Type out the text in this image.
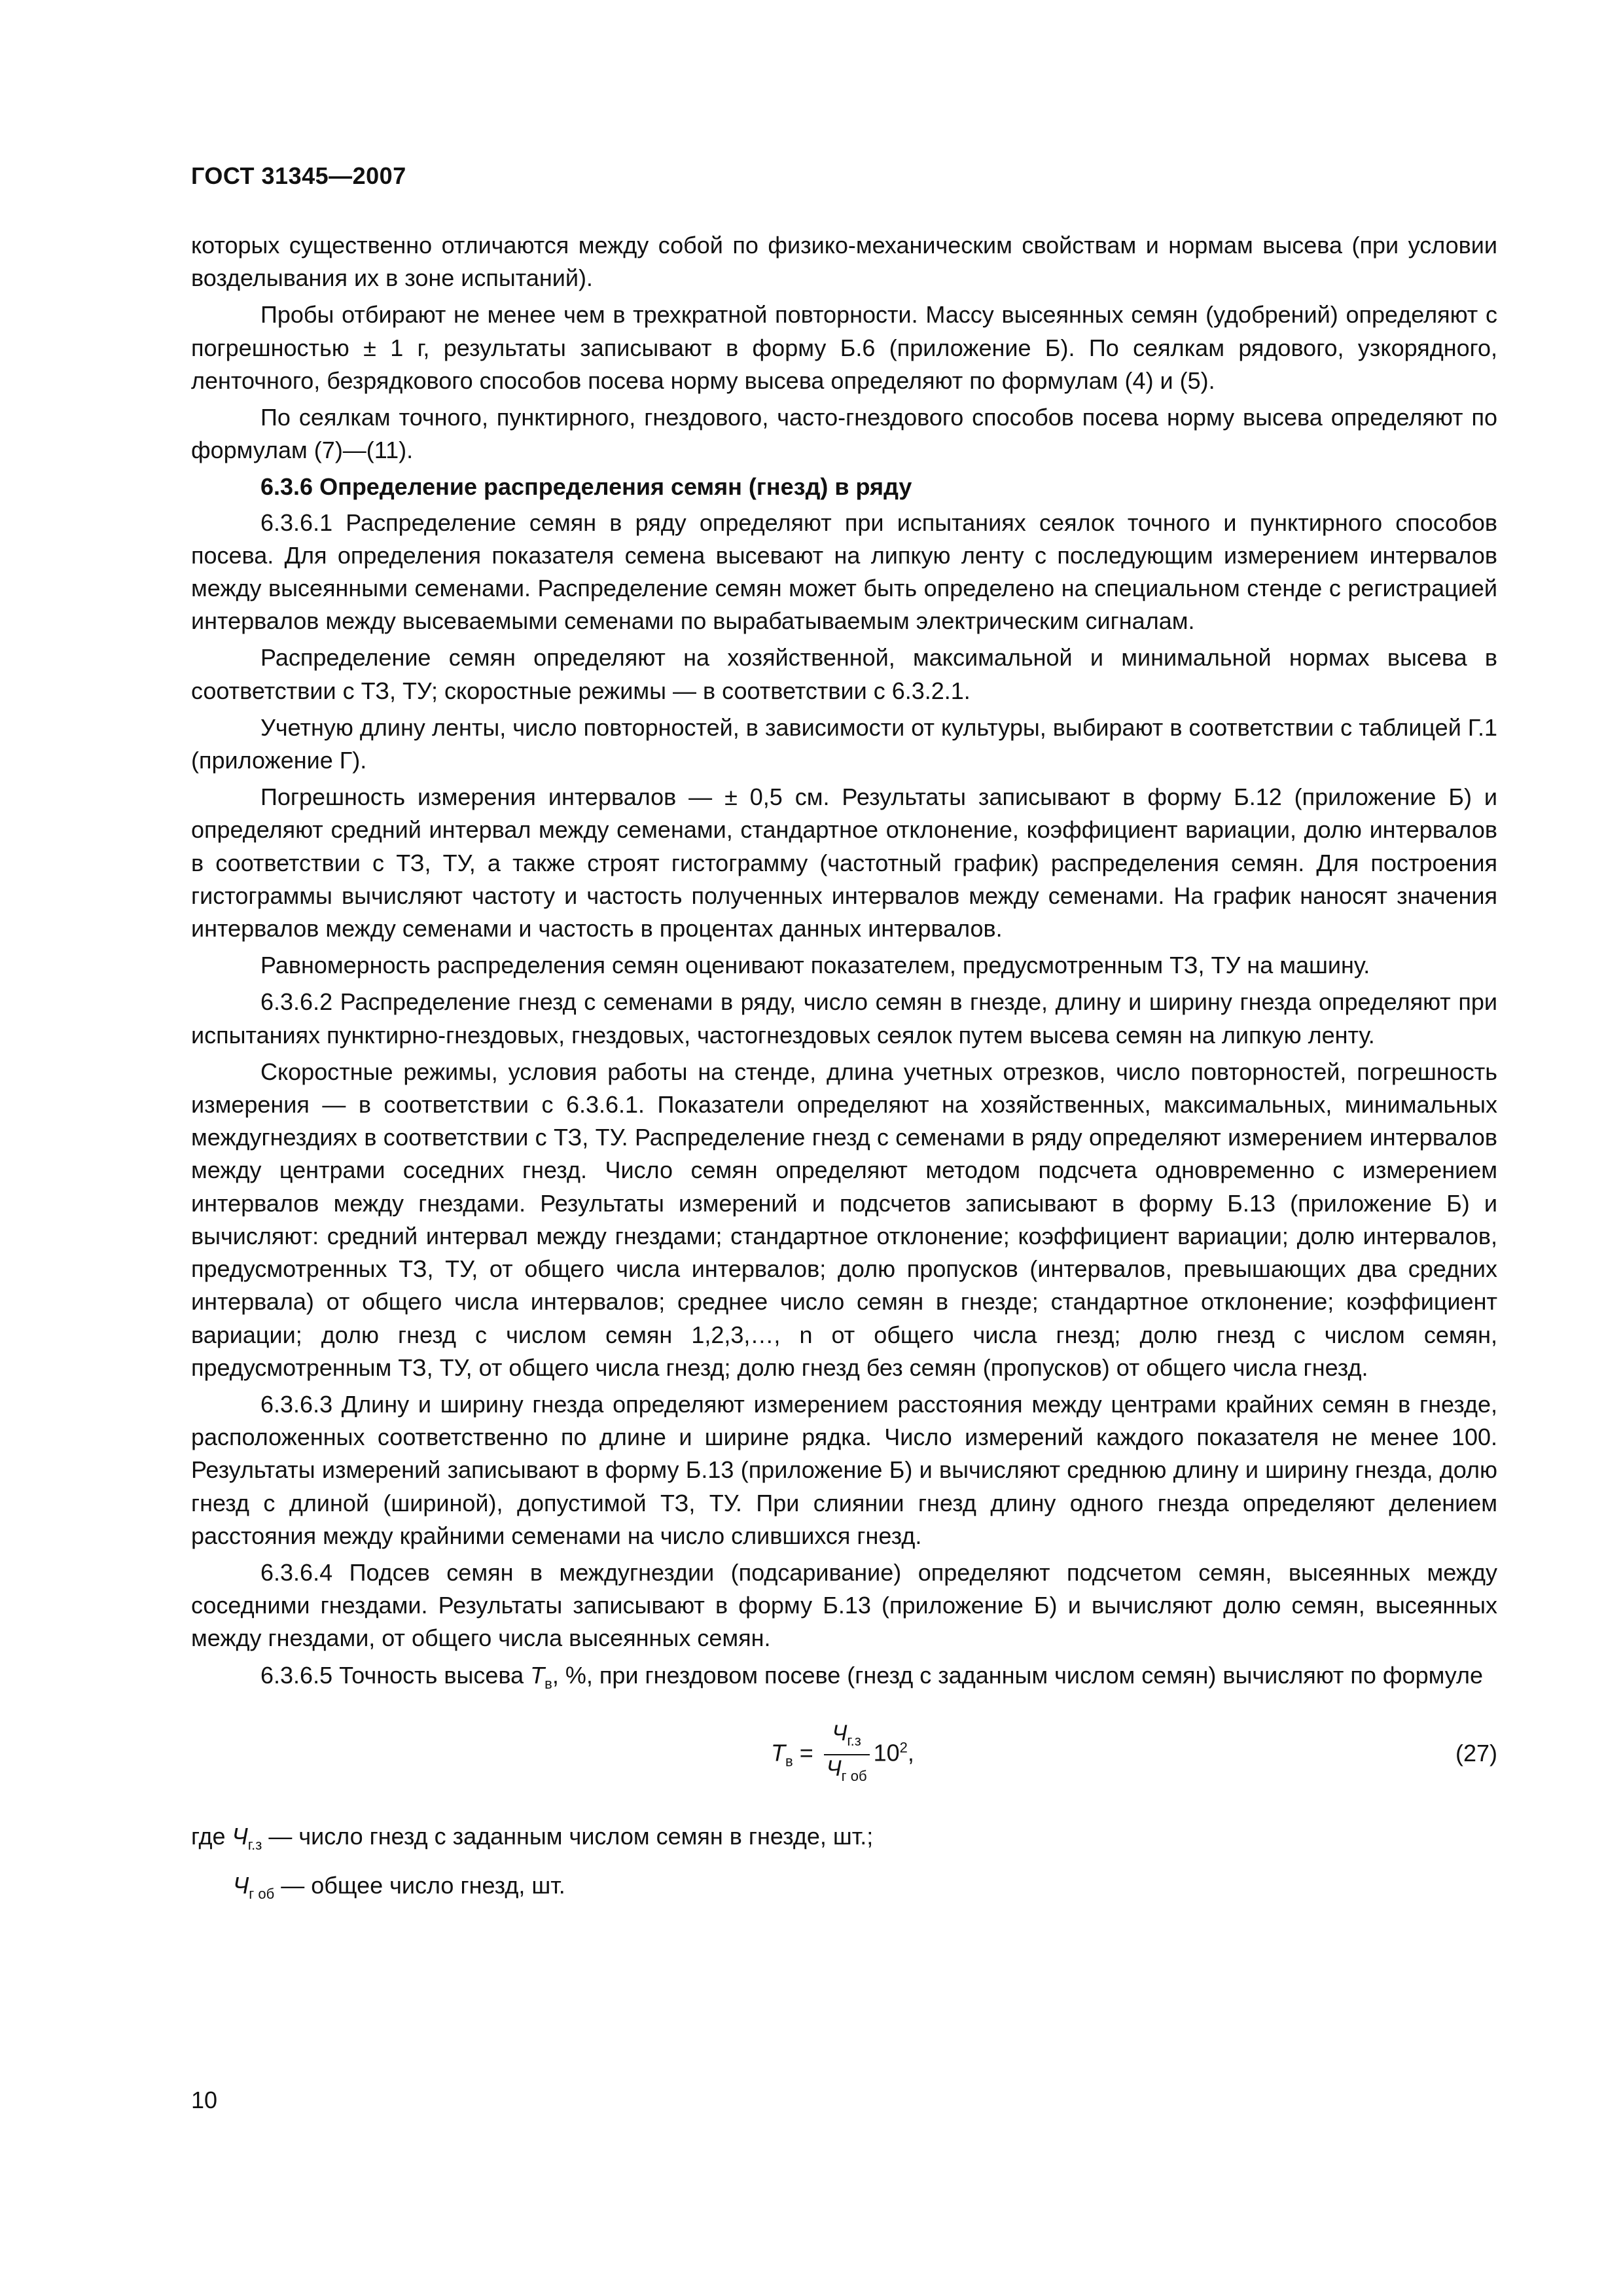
ГОСТ 31345—2007

которых существенно отличаются между собой по физико-механическим свойствам и нормам высева (при условии возделывания их в зоне испытаний).

Пробы отбирают не менее чем в трехкратной повторности. Массу высеянных семян (удобрений) определяют с погрешностью ± 1 г, результаты записывают в форму Б.6 (приложение Б). По сеялкам рядового, узкорядного, ленточного, безрядкового способов посева норму высева определяют по формулам (4) и (5).

По сеялкам точного, пунктирного, гнездового, часто-гнездового способов посева норму высева определяют по формулам (7)—(11).

6.3.6 Определение распределения семян (гнезд) в ряду

6.3.6.1 Распределение семян в ряду определяют при испытаниях сеялок точного и пунктирного способов посева. Для определения показателя семена высевают на липкую ленту с последующим измерением интервалов между высеянными семенами. Распределение семян может быть определено на специальном стенде с регистрацией интервалов между высеваемыми семенами по вырабатываемым электрическим сигналам.

Распределение семян определяют на хозяйственной, максимальной и минимальной нормах высева в соответствии с ТЗ, ТУ; скоростные режимы — в соответствии с 6.3.2.1.

Учетную длину ленты, число повторностей, в зависимости от культуры, выбирают в соответствии с таблицей Г.1 (приложение Г).

Погрешность измерения интервалов — ± 0,5 см. Результаты записывают в форму Б.12 (приложение Б) и определяют средний интервал между семенами, стандартное отклонение, коэффициент вариации, долю интервалов в соответствии с ТЗ, ТУ, а также строят гистограмму (частотный график) распределения семян. Для построения гистограммы вычисляют частоту и частость полученных интервалов между семенами. На график наносят значения интервалов между семенами и частость в процентах данных интервалов.

Равномерность распределения семян оценивают показателем, предусмотренным ТЗ, ТУ на машину.

6.3.6.2 Распределение гнезд с семенами в ряду, число семян в гнезде, длину и ширину гнезда определяют при испытаниях пунктирно-гнездовых, гнездовых, частогнездовых сеялок путем высева семян на липкую ленту.

Скоростные режимы, условия работы на стенде, длина учетных отрезков, число повторностей, погрешность измерения — в соответствии с 6.3.6.1. Показатели определяют на хозяйственных, максимальных, минимальных междугнездиях в соответствии с ТЗ, ТУ. Распределение гнезд с семенами в ряду определяют измерением интервалов между центрами соседних гнезд. Число семян определяют методом подсчета одновременно с измерением интервалов между гнездами. Результаты измерений и подсчетов записывают в форму Б.13 (приложение Б) и вычисляют: средний интервал между гнездами; стандартное отклонение; коэффициент вариации; долю интервалов, предусмотренных ТЗ, ТУ, от общего числа интервалов; долю пропусков (интервалов, превышающих два средних интервала) от общего числа интервалов; среднее число семян в гнезде; стандартное отклонение; коэффициент вариации; долю гнезд с числом семян 1,2,3,…, n от общего числа гнезд; долю гнезд с числом семян, предусмотренным ТЗ, ТУ, от общего числа гнезд; долю гнезд без семян (пропусков) от общего числа гнезд.

6.3.6.3 Длину и ширину гнезда определяют измерением расстояния между центрами крайних семян в гнезде, расположенных соответственно по длине и ширине рядка. Число измерений каждого показателя не менее 100. Результаты измерений записывают в форму Б.13 (приложение Б) и вычисляют среднюю длину и ширину гнезда, долю гнезд с длиной (шириной), допустимой ТЗ, ТУ. При слиянии гнезд длину одного гнезда определяют делением расстояния между крайними семенами на число слившихся гнезд.

6.3.6.4 Подсев семян в междугнездии (подсаривание) определяют подсчетом семян, высеянных между соседними гнездами. Результаты записывают в форму Б.13 (приложение Б) и вычисляют долю семян, высеянных между гнездами, от общего числа высеянных семян.

6.3.6.5 Точность высева $Т_в$, %, при гнездовом посеве (гнезд с заданным числом семян) вычисляют по формуле

$Т_в = \frac{Ч_{г.з}}{Ч_{г об}} 10^2$,	(27)

где $Ч_{г.з}$ — число гнезд с заданным числом семян в гнезде, шт.;

$Ч_{г об}$ — общее число гнезд, шт.

10
